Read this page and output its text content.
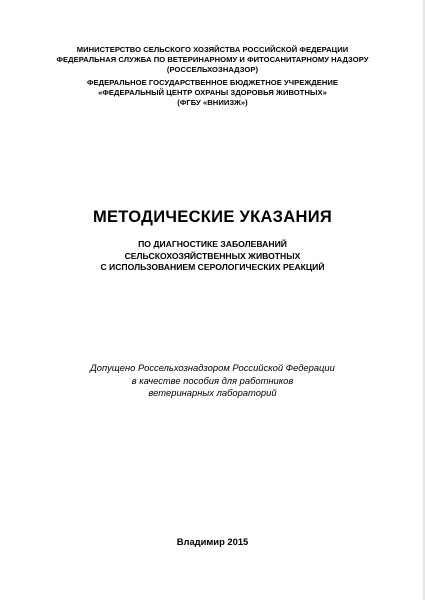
МИНИСТЕРСТВО СЕЛЬСКОГО ХОЗЯЙСТВА РОССИЙСКОЙ ФЕДЕРАЦИИ
ФЕДЕРАЛЬНАЯ СЛУЖБА ПО ВЕТЕРИНАРНОМУ И ФИТОСАНИТАРНОМУ НАДЗОРУ
(РОССЕЛЬХОЗНАДЗОР)
ФЕДЕРАЛЬНОЕ ГОСУДАРСТВЕННОЕ БЮДЖЕТНОЕ УЧРЕЖДЕНИЕ
«ФЕДЕРАЛЬНЫЙ ЦЕНТР ОХРАНЫ ЗДОРОВЬЯ ЖИВОТНЫХ»
(ФГБУ «ВНИИЗЖ»)
МЕТОДИЧЕСКИЕ УКАЗАНИЯ
ПО ДИАГНОСТИКЕ ЗАБОЛЕВАНИЙ
СЕЛЬСКОХОЗЯЙСТВЕННЫХ ЖИВОТНЫХ
С ИСПОЛЬЗОВАНИЕМ СЕРОЛОГИЧЕСКИХ РЕАКЦИЙ
Допущено Россельхознадзором Российской Федерации
в качестве пособия для работников
ветеринарных лабораторий
Владимир 2015
